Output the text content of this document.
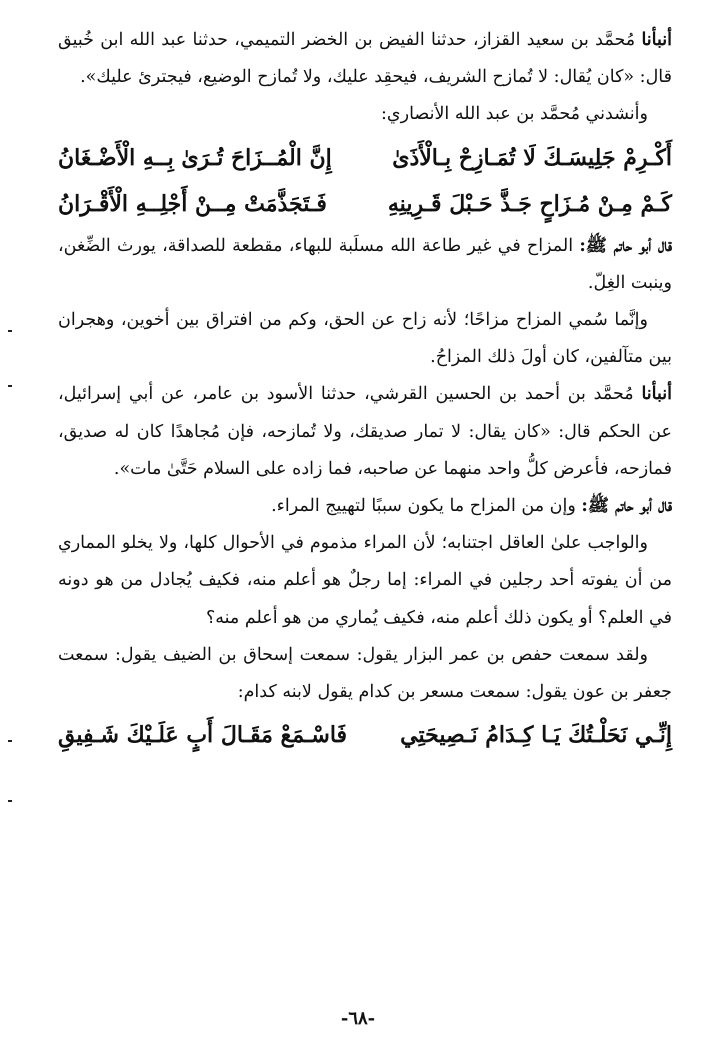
أنبأنا مُحمَّد بن سعيد القزاز، حدثنا الفيض بن الخضر التميمي، حدثنا عبد الله ابن خُبيق قال: «كان يُقال: لا تُمازح الشريف، فيحقِد عليك، ولا تُمازح الوضيع، فيجترئ عليك».

وأنشدني مُحمَّد بن عبد الله الأنصاري:

أَكْـرِمْ جَلِيسَـكَ لَا تُمَـازِحْ بِـالْأَذَىٰ
إِنَّ الْمُــزَاحَ تُـرَىٰ بِــهِ الْأَضْـغَانُ
كَـمْ مِـنْ مُـزَاحٍ جَـذَّ حَـبْلَ قَـرِينِهِ
فَـتَجَذَّمَتْ مِــنْ أَجْلِــهِ الْأَقْـرَانُ

قال أبو حاتم ﷺ: المزاح في غير طاعة الله مسلَبة للبهاء، مقطعة للصداقة، يورث الضِّغن، وينبت الغِلّ.

وإنَّما سُمي المزاح مزاحًا؛ لأنه زاح عن الحق، وكم من افتراق بين أخوين، وهجران بين متآلفين، كان أولَ ذلك المزاحُ.

أنبأنا مُحمَّد بن أحمد بن الحسين القرشي، حدثنا الأسود بن عامر، عن أبي إسرائيل، عن الحكم قال: «كان يقال: لا تمار صديقك، ولا تُمازحه، فإن مُجاهدًا كان له صديق، فمازحه، فأعرض كلُّ واحد منهما عن صاحبه، فما زاده على السلام حَتَّىٰ مات».

قال أبو حاتم ﷺ: وإن من المزاح ما يكون سببًا لتهييج المراء.

والواجب علىٰ العاقل اجتنابه؛ لأن المراء مذموم في الأحوال كلها، ولا يخلو المماري من أن يفوته أحد رجلين في المراء: إما رجلٌ هو أعلم منه، فكيف يُجادل من هو دونه في العلم؟ أو يكون ذلك أعلم منه، فكيف يُماري من هو أعلم منه؟

ولقد سمعت حفص بن عمر البزار يقول: سمعت إسحاق بن الضيف يقول: سمعت جعفر بن عون يقول: سمعت مسعر بن كدام يقول لابنه كدام:

إِنِّـي نَحَلْـتُكَ يَـا كِـدَامُ نَـصِيحَتِي
فَاسْـمَعْ مَقَـالَ أَبٍ عَلَـيْكَ شَـفِيقِ
-٦٨-
